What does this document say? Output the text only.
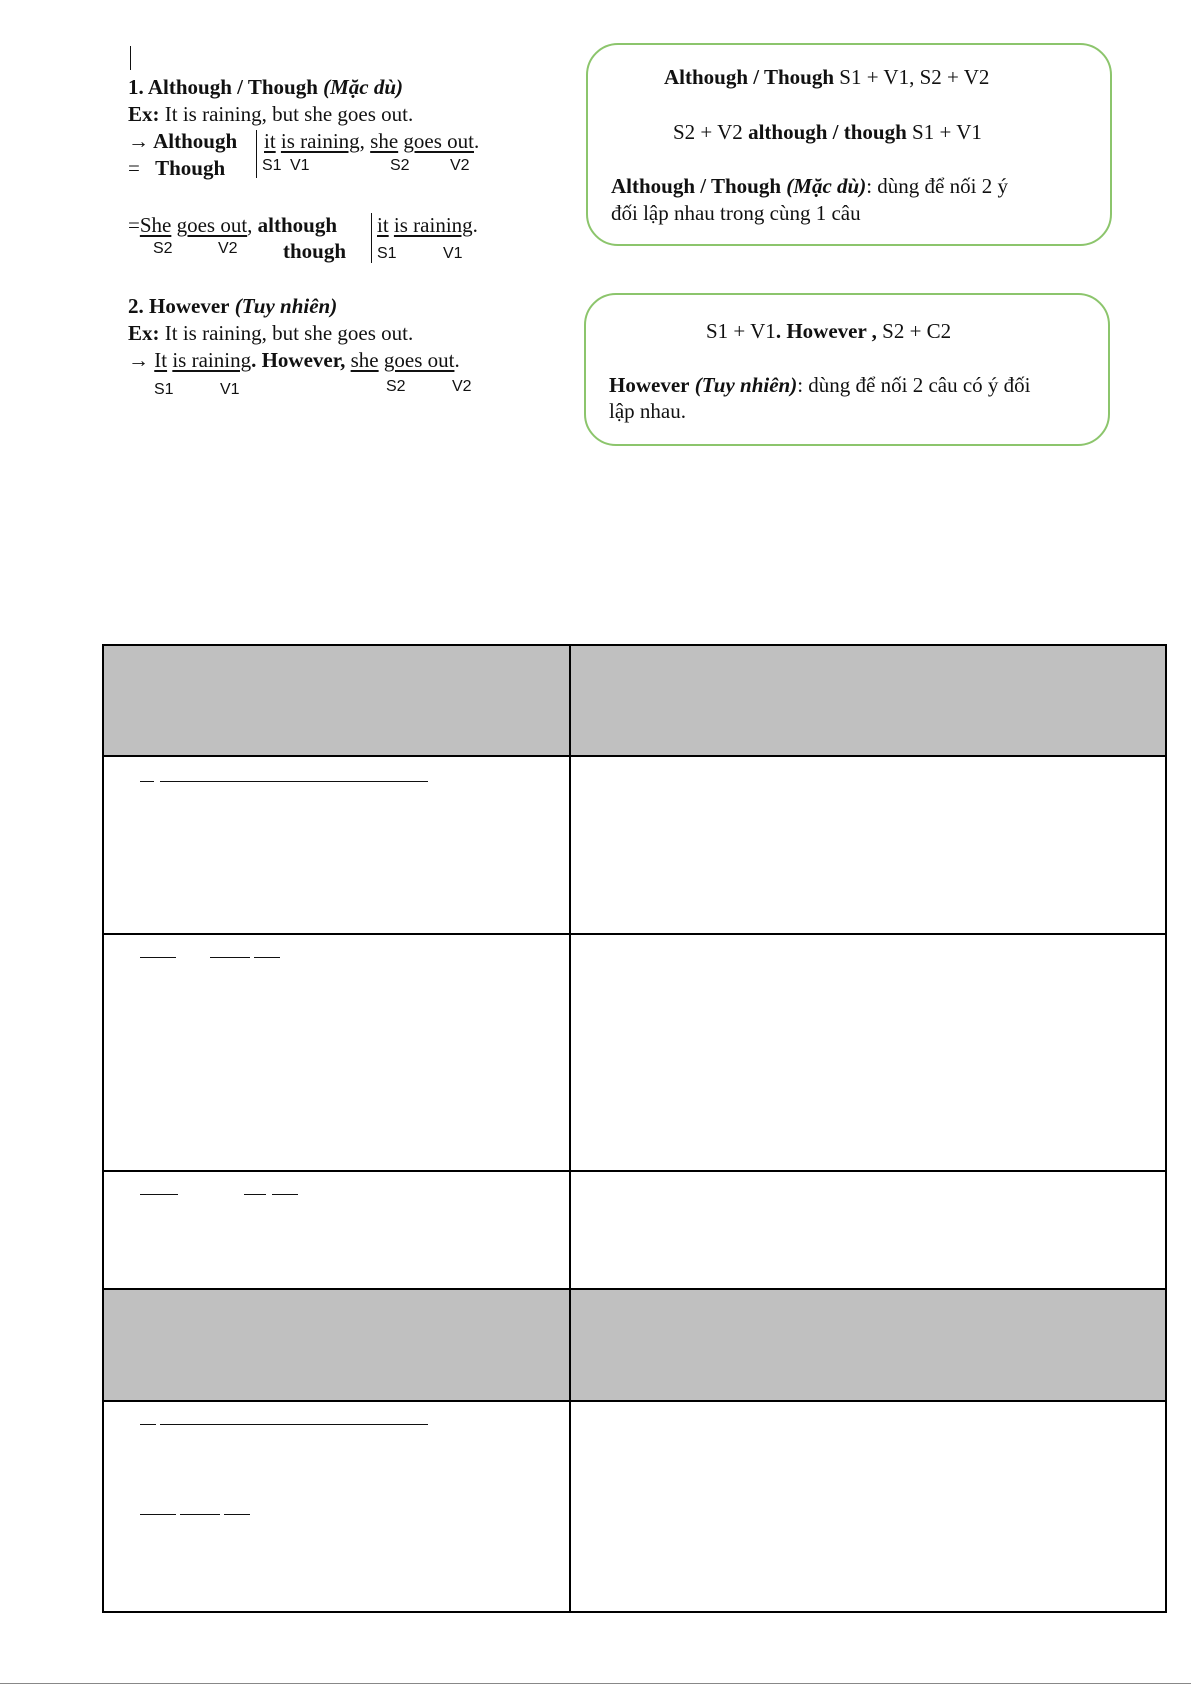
1. Although / Though (Mặc dù)
Ex: It is raining, but she goes out.
→ Although
= Though
it is raining, she goes out.
S1 V1	S2	V2
=She goes out, although it is raining.
though
S2	V2	S1	V1
2. However (Tuy nhiên)
Ex: It is raining, but she goes out.
→ It is raining. However, she goes out.
S1	V1	S2	V2
Although / Though S1 + V1, S2 + V2
S2 + V2 although / though S1 + V1
Although / Though (Mặc dù): dùng để nối 2 ý
đối lập nhau trong cùng 1 câu
S1 + V1. However , S2 + C2
However (Tuy nhiên): dùng để nối 2 câu có ý đối
lập nhau.
